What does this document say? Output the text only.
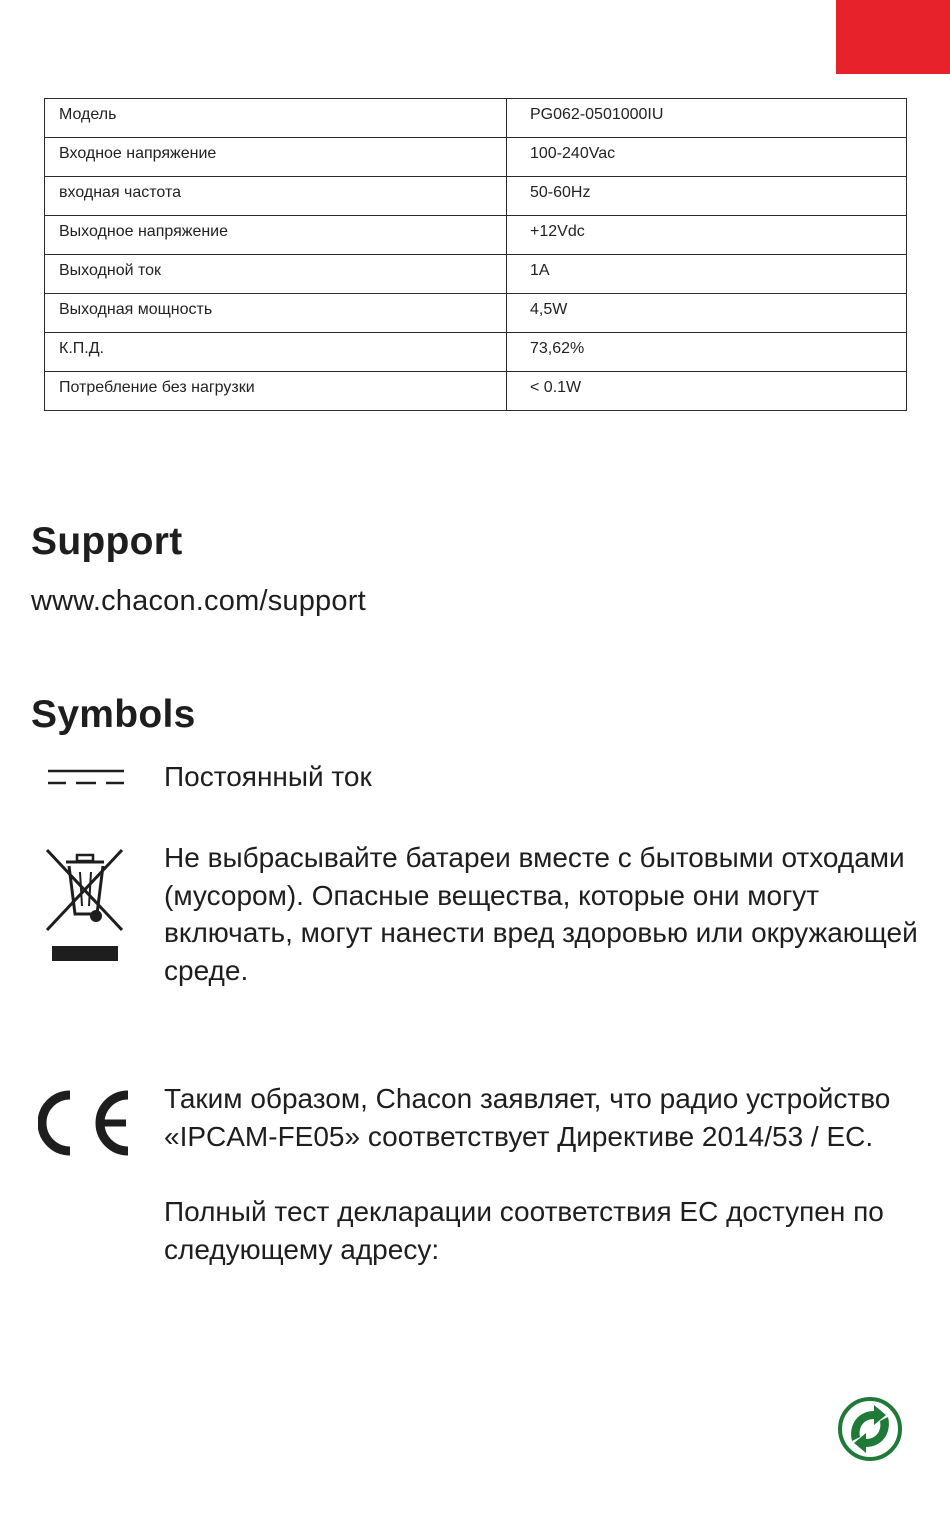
Модель	PG062-0501000IU
Входное напряжение	100-240Vac
входная частота	50-60Hz
Выходное напряжение	+12Vdc
Выходной ток	1A
Выходная мощность	4,5W
К.П.Д.	73,62%
Потребление без нагрузки	< 0.1W
Support
www.chacon.com/support
Symbols

Постоянный ток

Не выбрасывайте батареи вместе с бытовыми отходами (мусором). Опасные вещества, которые они могут включать, могут нанести вред здоровью или окружающей среде.

Таким образом, Chacon заявляет, что радио устройство «IPCAM-FE05» соответствует Директиве 2014/53 / EC.

Полный тест декларации соответствия ЕС доступен по следующему адресу:
